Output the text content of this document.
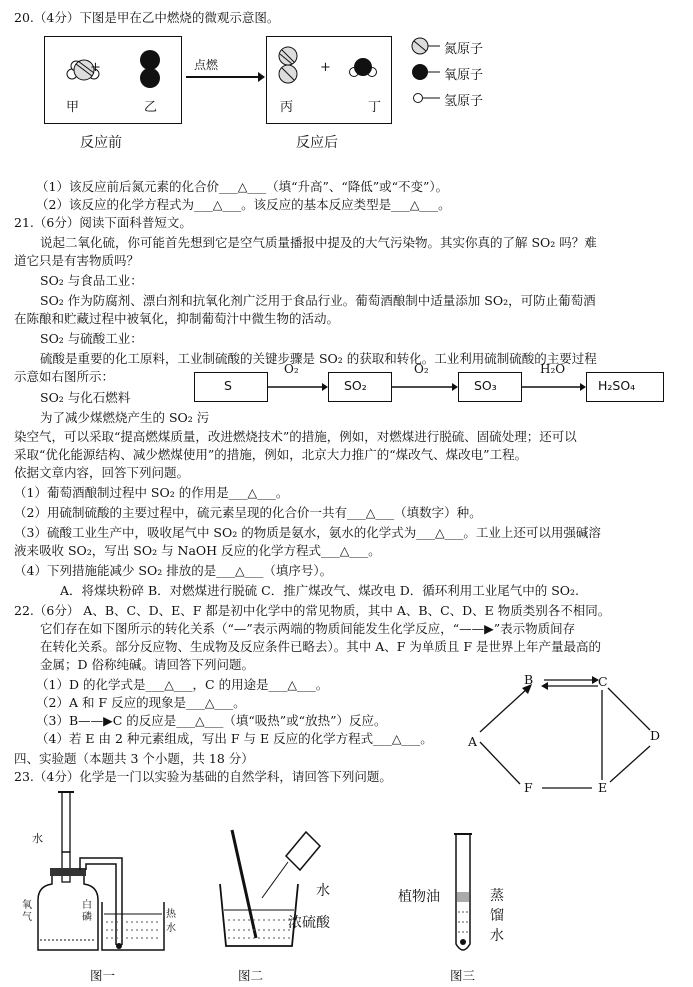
20.（4分）下图是甲在乙中燃烧的微观示意图。
+
甲	乙
点燃	+
丙	丁
反应前	反应后
氮原子
氧原子
氢原子
（1）该反应前后氮元素的化合价___△___（填“升高”、“降低”或“不变”）。
（2）该反应的化学方程式为___△___。该反应的基本反应类型是___△___。
21.（6分）阅读下面科普短文。
说起二氧化硫，你可能首先想到它是空气质量播报中提及的大气污染物。其实你真的了解 SO₂ 吗？难
道它只是有害物质吗？
SO₂ 与食品工业：
SO₂ 作为防腐剂、漂白剂和抗氧化剂广泛用于食品行业。葡萄酒酿制中适量添加 SO₂，可防止葡萄酒
在陈酿和贮藏过程中被氧化，抑制葡萄汁中微生物的活动。
SO₂ 与硫酸工业：
硫酸是重要的化工原料，工业制硫酸的关键步骤是 SO₂ 的获取和转化。工业利用硫制硫酸的主要过程
示意如右图所示：
SO₂ 与化石燃料
为了减少煤燃烧产生的 SO₂ 污
S	SO₂	SO₃	H₂SO₄
O₂	O₂	H₂O
染空气，可以采取“提高燃煤质量，改进燃烧技术”的措施，例如，对燃煤进行脱硫、固硫处理；还可以
采取“优化能源结构、减少燃煤使用”的措施，例如，北京大力推广的“煤改气、煤改电”工程。
依据文章内容，回答下列问题。
（1）葡萄酒酿制过程中 SO₂ 的作用是___△___。
（2）用硫制硫酸的主要过程中，硫元素呈现的化合价一共有___△___（填数字）种。
（3）硫酸工业生产中，吸收尾气中 SO₂ 的物质是氨水，氨水的化学式为___△___。工业上还可以用强碱溶
液来吸收 SO₂，写出 SO₂ 与 NaOH 反应的化学方程式___△___。
（4）下列措施能减少 SO₂ 排放的是___△___（填序号）。
A．将煤块粉碎 B．对燃煤进行脱硫 C．推广煤改气、煤改电 D．循环利用工业尾气中的 SO₂.
22.（6分） A、B、C、D、E、F 都是初中化学中的常见物质，其中 A、B、C、D、E 物质类别各不相同。
它们存在如下图所示的转化关系（“—”表示两端的物质间能发生化学反应，“——▶”表示物质间存
在转化关系。部分反应物、生成物及反应条件已略去）。其中 A、F 为单质且 F 是世界上年产量最高的
金属；D 俗称纯碱。请回答下列问题。
（1）D 的化学式是___△___，C 的用途是___△___。
（2）A 和 F 反应的现象是___△___。
（3）B——▶C 的反应是___△___（填“吸热”或“放热”）反应。
（4）若 E 由 2 种元素组成，写出 F 与 E 反应的化学方程式___△___。
B	C
A	D
F	E
四、实验题（本题共 3 个小题，共 18 分）
23.（4分）化学是一门以实验为基础的自然学科，请回答下列问题。
水
氧气
白磷	热水
图一
水
浓硫酸
图二
植物油	蒸馏水
图三
